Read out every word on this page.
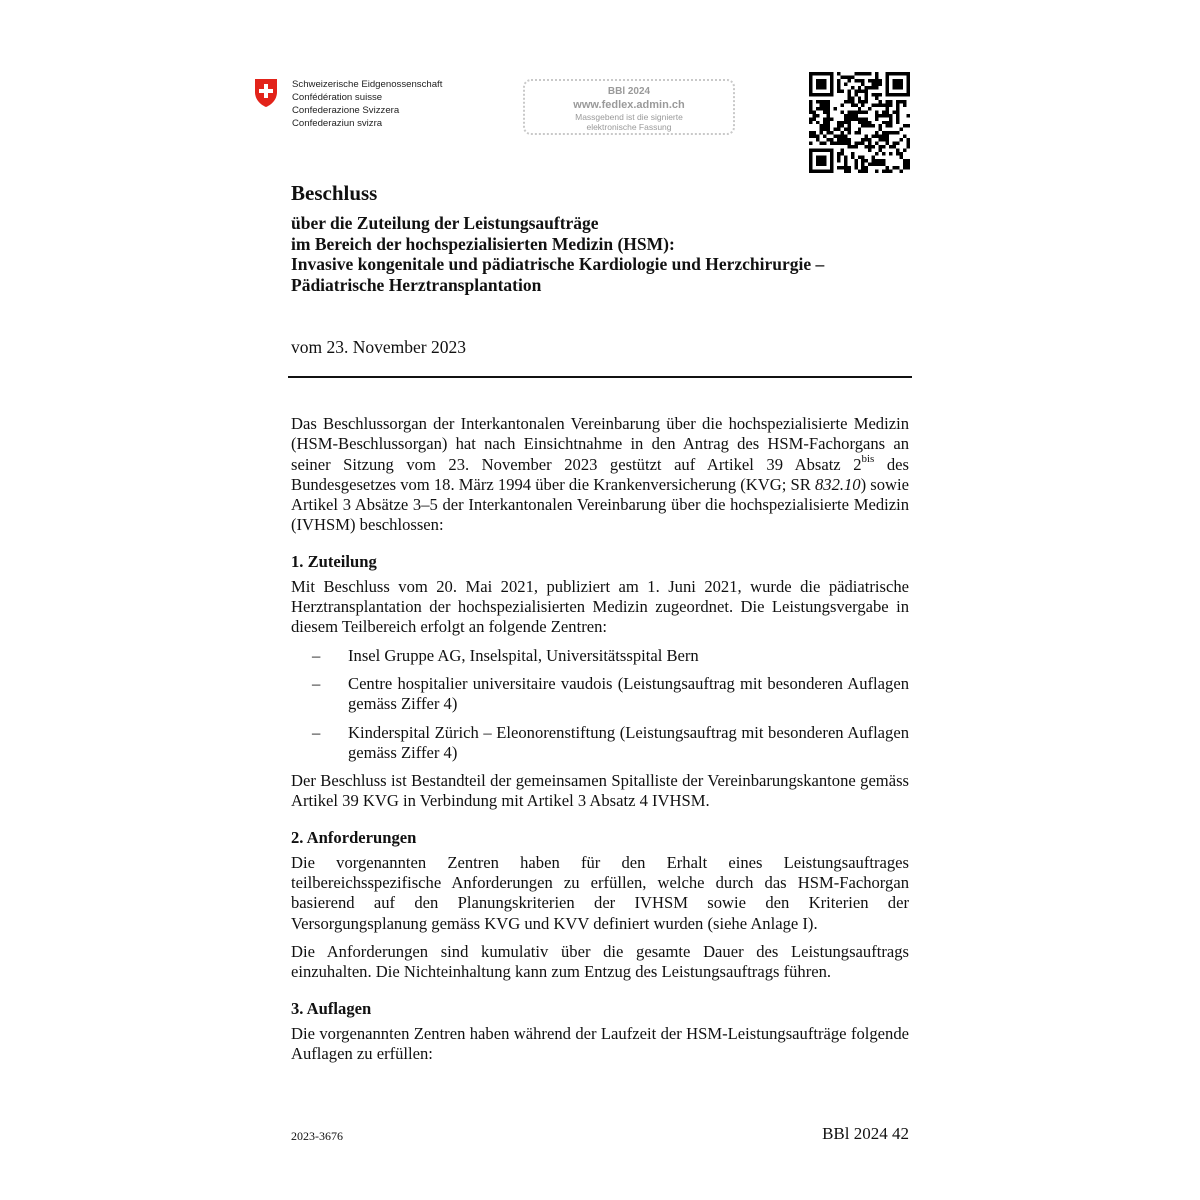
Schweizerische Eidgenossenschaft
Confédération suisse
Confederazione Svizzera
Confederaziun svizra
BBl 2024
www.fedlex.admin.ch
Massgebend ist die signierte
elektronische Fassung
Beschluss
über die Zuteilung der Leistungsaufträge
im Bereich der hochspezialisierten Medizin (HSM):
Invasive kongenitale und pädiatrische Kardiologie und Herzchirurgie –
Pädiatrische Herztransplantation
vom 23. November 2023

Das Beschlussorgan der Interkantonalen Vereinbarung über die hochspezialisierte Medizin (HSM-Beschlussorgan) hat nach Einsichtnahme in den Antrag des HSM-Fachorgans an seiner Sitzung vom 23. November 2023 gestützt auf Artikel 39 Absatz $2^{bis}$ des Bundesgesetzes vom 18. März 1994 über die Krankenversicherung (KVG; SR 832.10) sowie Artikel 3 Absätze 3–5 der Interkantonalen Vereinbarung über die hochspezialisierte Medizin (IVHSM) beschlossen:

1. Zuteilung

Mit Beschluss vom 20. Mai 2021, publiziert am 1. Juni 2021, wurde die pädiatrische Herztransplantation der hochspezialisierten Medizin zugeordnet. Die Leistungsvergabe in diesem Teilbereich erfolgt an folgende Zentren:

– Insel Gruppe AG, Inselspital, Universitätsspital Bern
– Centre hospitalier universitaire vaudois (Leistungsauftrag mit besonderen Auflagen gemäss Ziffer 4)
– Kinderspital Zürich – Eleonorenstiftung (Leistungsauftrag mit besonderen Auflagen gemäss Ziffer 4)

Der Beschluss ist Bestandteil der gemeinsamen Spitalliste der Vereinbarungskantone gemäss Artikel 39 KVG in Verbindung mit Artikel 3 Absatz 4 IVHSM.

2. Anforderungen

Die vorgenannten Zentren haben für den Erhalt eines Leistungsauftrages teilbereichsspezifische Anforderungen zu erfüllen, welche durch das HSM-Fachorgan basierend auf den Planungskriterien der IVHSM sowie den Kriterien der Versorgungsplanung gemäss KVG und KVV definiert wurden (siehe Anlage I).

Die Anforderungen sind kumulativ über die gesamte Dauer des Leistungsauftrags einzuhalten. Die Nichteinhaltung kann zum Entzug des Leistungsauftrags führen.

3. Auflagen

Die vorgenannten Zentren haben während der Laufzeit der HSM-Leistungsaufträge folgende Auflagen zu erfüllen:

2023-3676	BBl 2024 42
